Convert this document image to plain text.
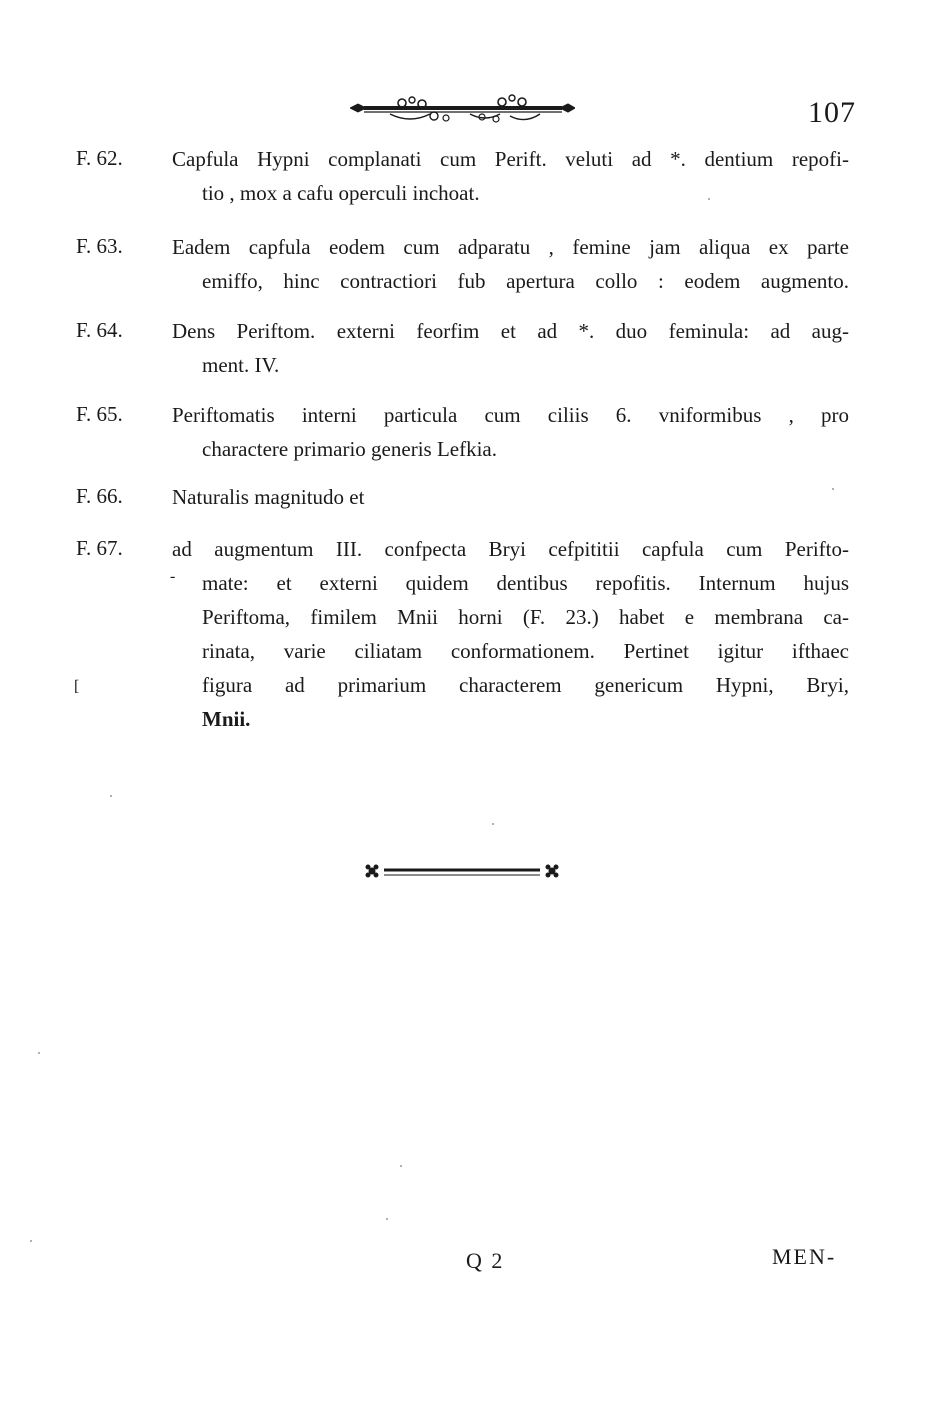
107
F. 62.	Capfula Hypni complanati cum Perift. veluti ad *. dentium repofi-
tio , mox a cafu operculi inchoat.
F. 63.	Eadem capfula eodem cum adparatu , femine jam aliqua ex parte
emiffo, hinc contractiori fub apertura collo : eodem augmento.
F. 64.	Dens Periftom. externi feorfim et ad *. duo feminula: ad aug-
ment. IV.
F. 65.	Periftomatis interni particula cum ciliis 6. vniformibus , pro
charactere primario generis Lefkia.
F. 66.	Naturalis magnitudo et
F. 67.	ad augmentum III. confpecta Bryi cefpititii capfula cum Perifto-
mate: et externi quidem dentibus repofitis. Internum hujus
Periftoma, fimilem Mnii horni (F. 23.) habet e membrana ca-
rinata, varie ciliatam conformationem. Pertinet igitur ifthaec
figura ad primarium characterem genericum Hypni, Bryi,
Mnii.
[
-
Q 2	MEN-
